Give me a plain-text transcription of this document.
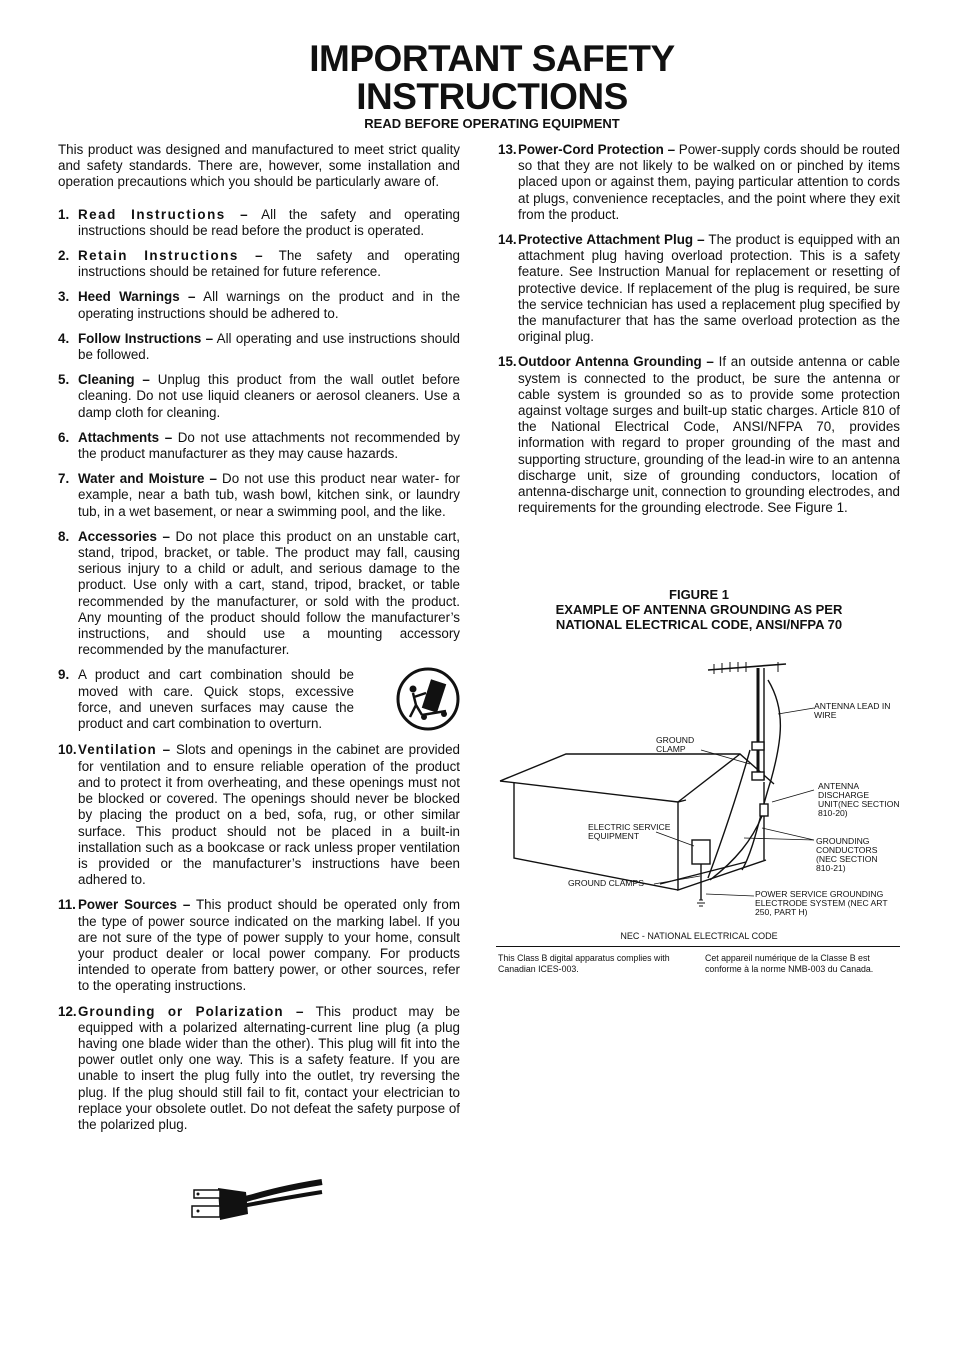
IMPORTANT SAFETY
INSTRUCTIONS
READ BEFORE OPERATING EQUIPMENT

This product was designed and manufactured to meet strict quality and safety standards. There are, however, some installation and operation precautions which you should be particularly aware of.

1. Read Instructions – All the safety and operating instructions should be read before the product is operated.
2. Retain Instructions – The safety and operating instructions should be retained for future reference.
3. Heed Warnings – All warnings on the product and in the operating instructions should be adhered to.
4. Follow Instructions – All operating and use instructions should be followed.
5. Cleaning – Unplug this product from the wall outlet before cleaning. Do not use liquid cleaners or aerosol cleaners. Use a damp cloth for cleaning.
6. Attachments – Do not use attachments not recommended by the product manufacturer as they may cause hazards.
7. Water and Moisture – Do not use this product near water- for example, near a bath tub, wash bowl, kitchen sink, or laundry tub, in a wet basement, or near a swimming pool, and the like.
8. Accessories – Do not place this product on an unstable cart, stand, tripod, bracket, or table. The product may fall, causing serious injury to a child or adult, and serious damage to the product. Use only with a cart, stand, tripod, bracket, or table recommended by the manufacturer, or sold with the product. Any mounting of the product should follow the manufacturer’s instructions, and should use a mounting accessory recommended by the manufacturer.
9. A product and cart combination should be moved with care. Quick stops, excessive force, and uneven surfaces may cause the product and cart combination to overturn.
10. Ventilation – Slots and openings in the cabinet are provided for ventilation and to ensure reliable operation of the product and to protect it from overheating, and these openings must not be blocked or covered. The openings should never be blocked by placing the product on a bed, sofa, rug, or other similar surface. This product should not be placed in a built-in installation such as a bookcase or rack unless proper ventilation is provided or the manufacturer’s instructions have been adhered to.
11. Power Sources – This product should be operated only from the type of power source indicated on the marking label. If you are not sure of the type of power supply to your home, consult your product dealer or local power company. For products intended to operate from battery power, or other sources, refer to the operating instructions.
12. Grounding or Polarization – This product may be equipped with a polarized alternating-current line plug (a plug having one blade wider than the other). This plug will fit into the power outlet only one way. This is a safety feature. If you are unable to insert the plug fully into the outlet, try reversing the plug. If the plug should still fail to fit, contact your electrician to replace your obsolete outlet. Do not defeat the safety purpose of the polarized plug.
13. Power-Cord Protection – Power-supply cords should be routed so that they are not likely to be walked on or pinched by items placed upon or against them, paying particular attention to cords at plugs, convenience receptacles, and the point where they exit from the product.
14. Protective Attachment Plug – The product is equipped with an attachment plug having overload protection. This is a safety feature. See Instruction Manual for replacement or resetting of protective device. If replacement of the plug is required, be sure the service technician has used a replacement plug specified by the manufacturer that has the same overload protection as the original plug.
15. Outdoor Antenna Grounding – If an outside antenna or cable system is connected to the product, be sure the antenna or cable system is grounded so as to provide some protection against voltage surges and built-up static charges. Article 810 of the National Electrical Code, ANSI/NFPA 70, provides information with regard to proper grounding of the mast and supporting structure, grounding of the lead-in wire to an antenna discharge unit, size of grounding conductors, location of antenna-discharge unit, connection to grounding electrodes, and requirements for the grounding electrode. See Figure 1.
FIGURE 1
EXAMPLE OF ANTENNA GROUNDING AS PER
NATIONAL ELECTRICAL CODE, ANSI/NFPA 70
ANTENNA LEAD IN WIRE
GROUND CLAMP
ANTENNA DISCHARGE UNIT(NEC SECTION 810-20)
ELECTRIC SERVICE EQUIPMENT	GROUNDING CONDUCTORS (NEC SECTION 810-21)
GROUND CLAMPS
POWER SERVICE GROUNDING ELECTRODE SYSTEM (NEC ART 250, PART H)
NEC - NATIONAL ELECTRICAL CODE
This Class B digital apparatus complies with Canadian ICES-003.
Cet appareil numérique de la Classe B est conforme à la norme NMB-003 du Canada.
